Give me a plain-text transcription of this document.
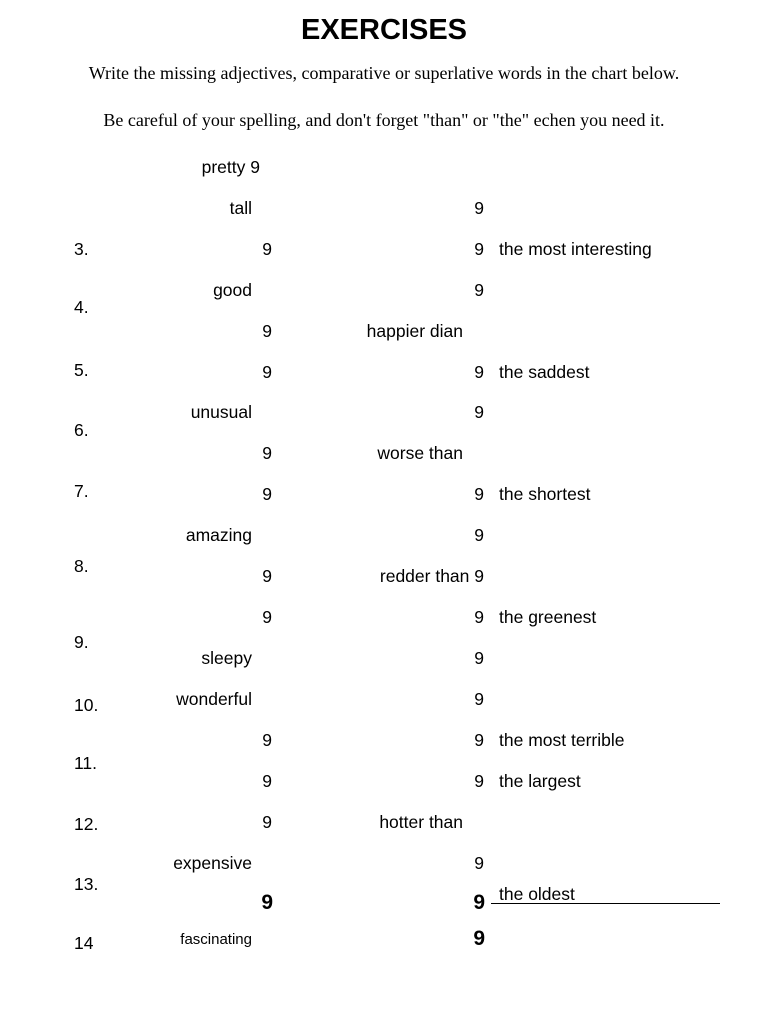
EXERCISES
Write the missing adjectives, comparative or superlative words in the chart below.
Be careful of your spelling, and don't forget "than" or "the" echen you need it.
3.
4.
5.
6.
7.
8.
9.
10.
11.
12.
13.
14
pretty 9
tall
9
good
9
9
unusual
9
9
amazing
9
9
sleepy
wonderful
9
9
9
expensive
9
fascinating
9
9
9
happier dian
9
9
worse than
9
9
redder than 9
9
9
9
9
9
hotter than
9
9
9
the most interesting
the saddest
the shortest
the greenest
the most terrible
the largest
the oldest
